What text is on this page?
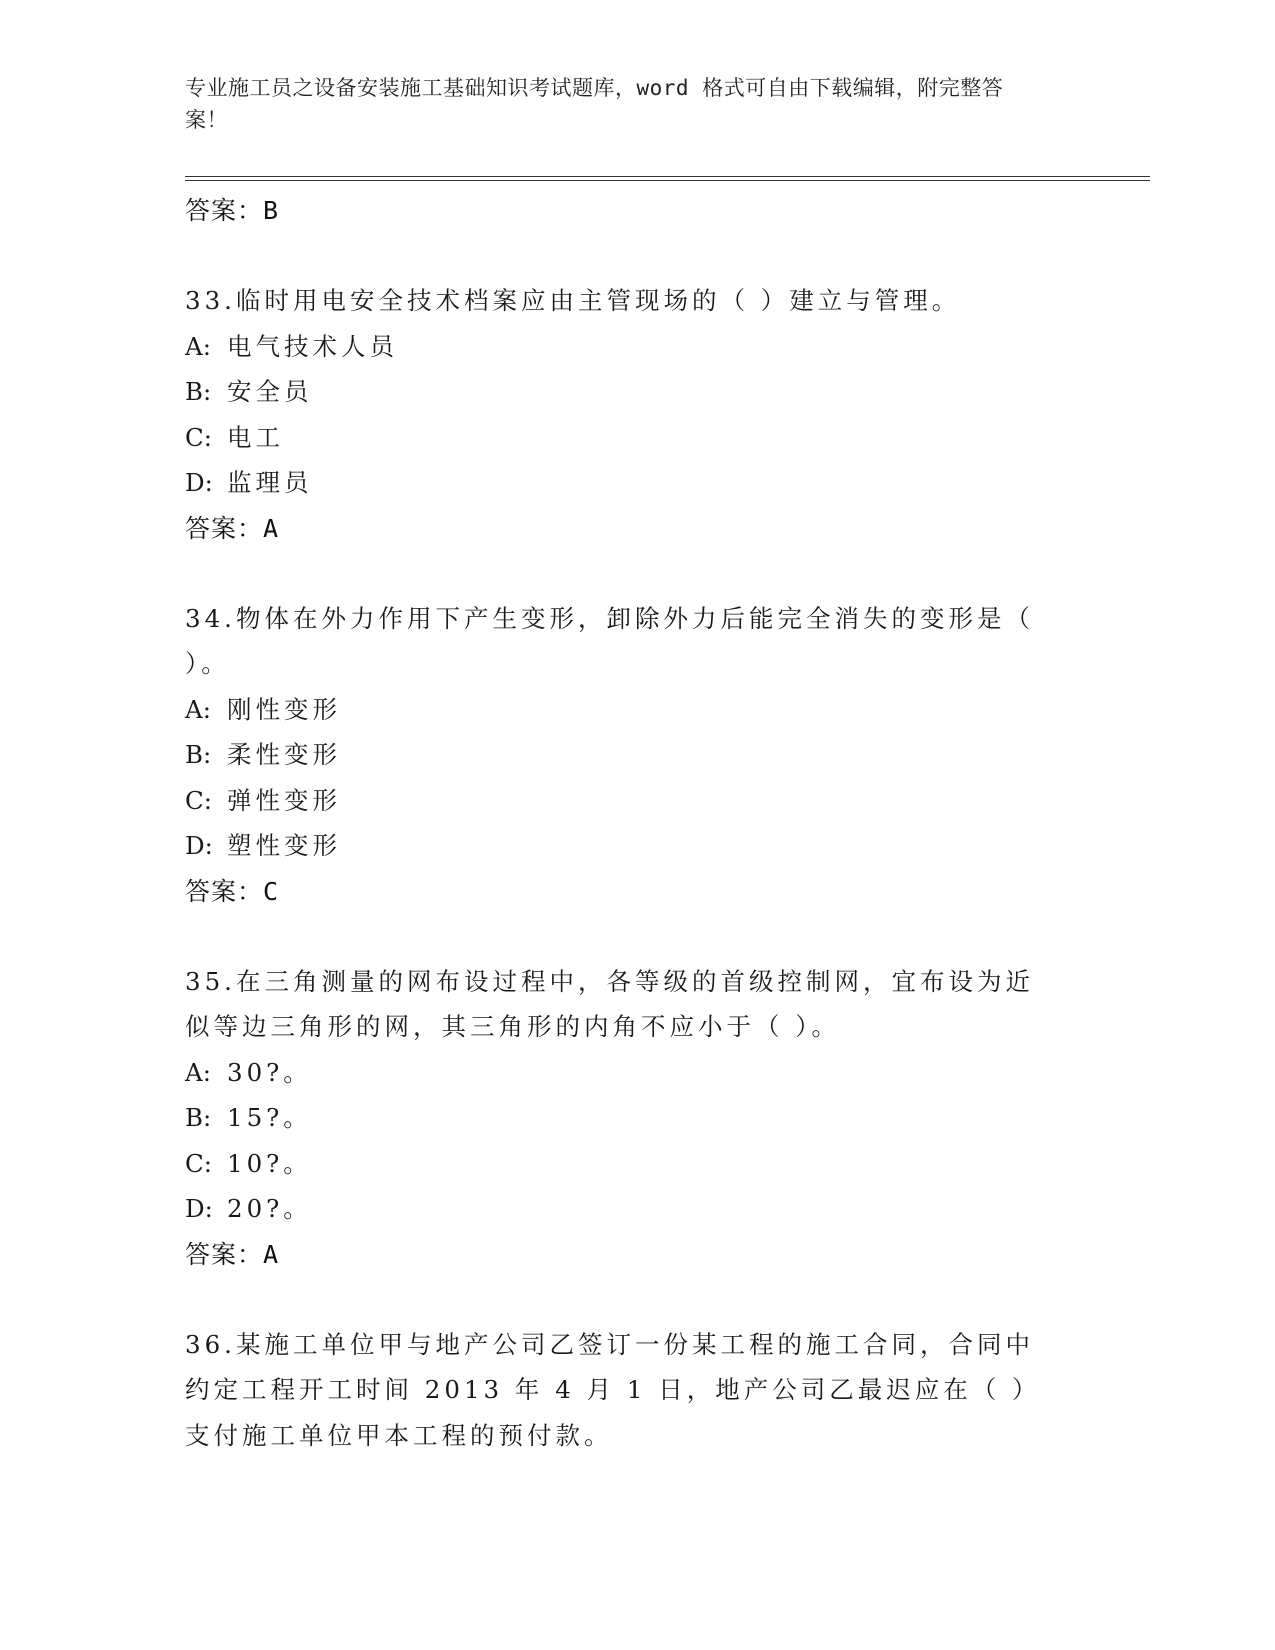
专业施工员之设备安装施工基础知识考试题库，word 格式可自由下载编辑，附完整答案！
答案：B

33.临时用电安全技术档案应由主管现场的（ ）建立与管理。

A: 电气技术人员
B: 安全员
C: 电工
D: 监理员
答案：A

34.物体在外力作用下产生变形，卸除外力后能完全消失的变形是（ ）。

A: 刚性变形
B: 柔性变形
C: 弹性变形
D: 塑性变形
答案：C

35.在三角测量的网布设过程中，各等级的首级控制网，宜布设为近似等边三角形的网，其三角形的内角不应小于（ ）。

A: 30?。
B: 15?。
C: 10?。
D: 20?。
答案：A

36.某施工单位甲与地产公司乙签订一份某工程的施工合同，合同中约定工程开工时间 2013 年 4 月 1 日，地产公司乙最迟应在（ ）支付施工单位甲本工程的预付款。
